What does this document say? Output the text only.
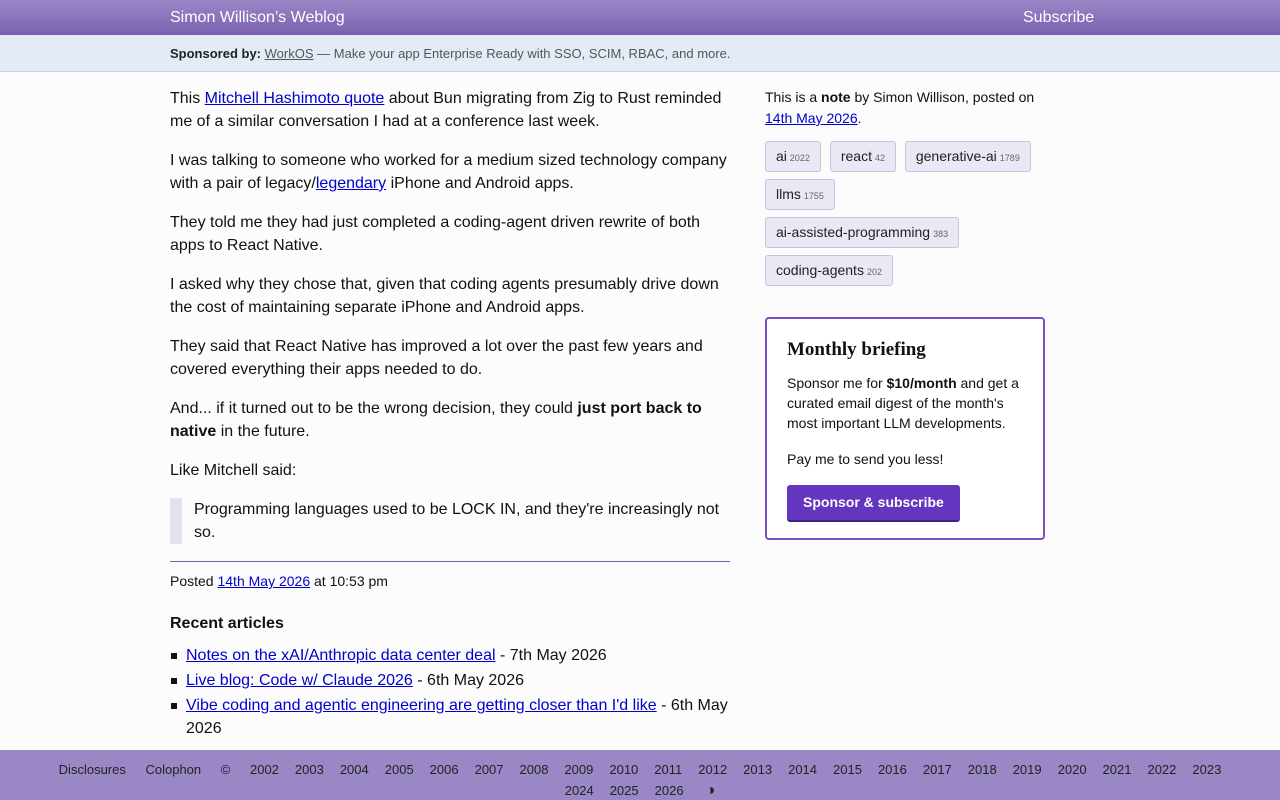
Simon Willison’s Weblog	Subscribe
Sponsored by: WorkOS — Make your app Enterprise Ready with SSO, SCIM, RBAC, and more.

This Mitchell Hashimoto quote about Bun migrating from Zig to Rust reminded me of a similar conversation I had at a conference last week.

I was talking to someone who worked for a medium sized technology company with a pair of legacy/legendary iPhone and Android apps.

They told me they had just completed a coding-agent driven rewrite of both apps to React Native.

I asked why they chose that, given that coding agents presumably drive down the cost of maintaining separate iPhone and Android apps.

They said that React Native has improved a lot over the past few years and covered everything their apps needed to do.

And... if it turned out to be the wrong decision, they could just port back to native in the future.

Like Mitchell said:

Programming languages used to be LOCK IN, and they're increasingly not so.
Posted 14th May 2026 at 10:53 pm
Recent articles
Notes on the xAI/Anthropic data center deal - 7th May 2026
Live blog: Code w/ Claude 2026 - 6th May 2026
Vibe coding and agentic engineering are getting closer than I'd like - 6th May 2026
This is a note by Simon Willison, posted on 14th May 2026.
ai 2022 react 42 generative-ai 1789
llms 1755
ai-assisted-programming 383
coding-agents 202
Monthly briefing

Sponsor me for $10/month and get a curated email digest of the month's most important LLM developments.

Pay me to send you less!

Sponsor & subscribe
Disclosures Colophon © 2002 2003 2004 2005 2006 2007 2008 2009 2010 2011 2012 2013 2014 2015 2016 2017 2018 2019 2020 2021 2022 2023
2024 2025 2026 ◑
